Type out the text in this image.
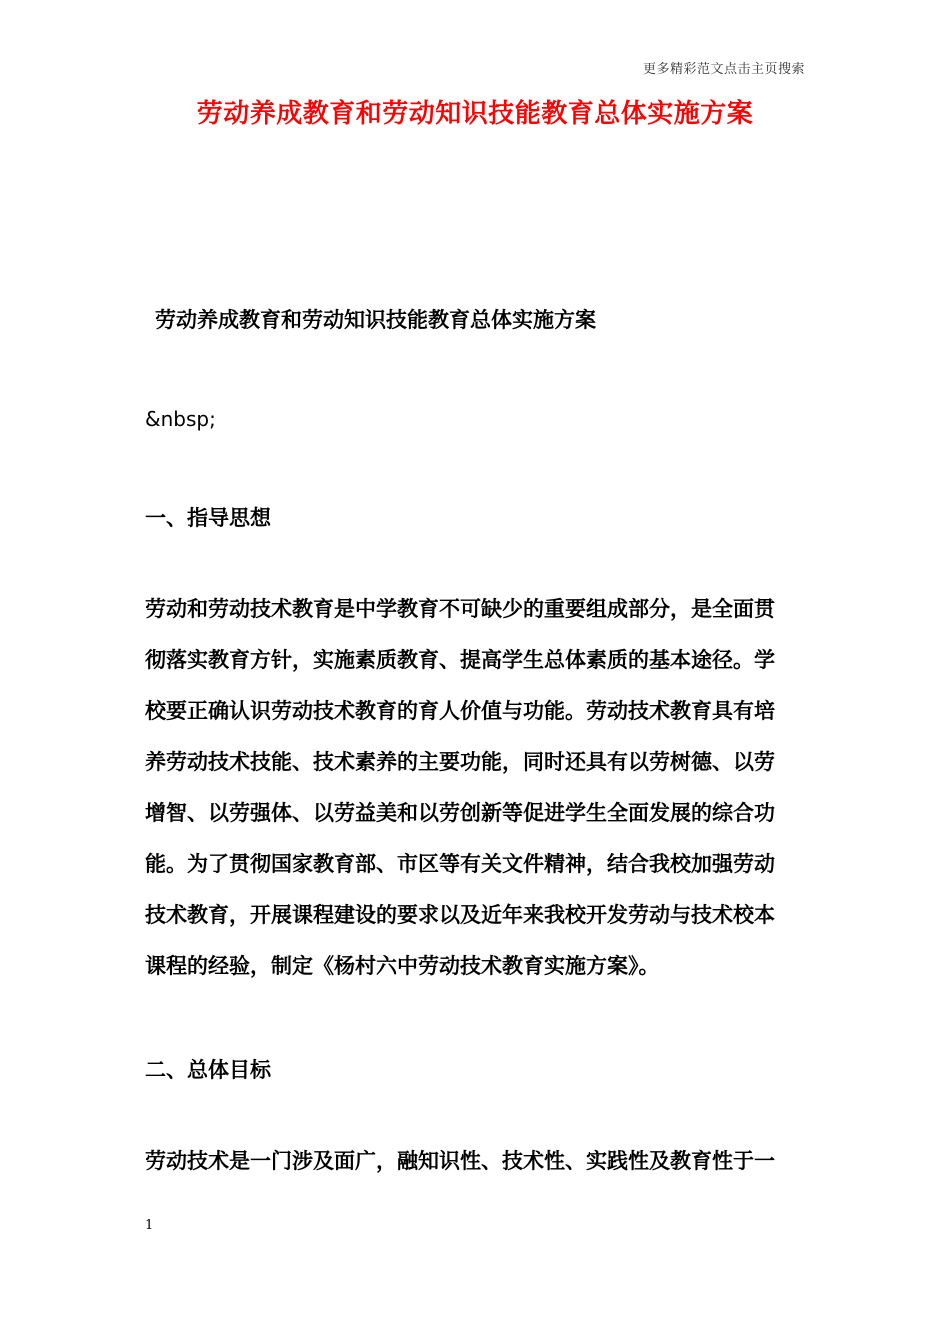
更多精彩范文点击主页搜索
劳动养成教育和劳动知识技能教育总体实施方案
劳动养成教育和劳动知识技能教育总体实施方案
&nbsp;
一、指导思想
劳动和劳动技术教育是中学教育不可缺少的重要组成部分，是全面贯
彻落实教育方针，实施素质教育、提高学生总体素质的基本途径。学
校要正确认识劳动技术教育的育人价值与功能。劳动技术教育具有培
养劳动技术技能、技术素养的主要功能，同时还具有以劳树德、以劳
增智、以劳强体、以劳益美和以劳创新等促进学生全面发展的综合功
能。为了贯彻国家教育部、市区等有关文件精神，结合我校加强劳动
技术教育，开展课程建设的要求以及近年来我校开发劳动与技术校本
课程的经验，制定《杨村六中劳动技术教育实施方案》。
二、总体目标
劳动技术是一门涉及面广，融知识性、技术性、实践性及教育性于一
1
